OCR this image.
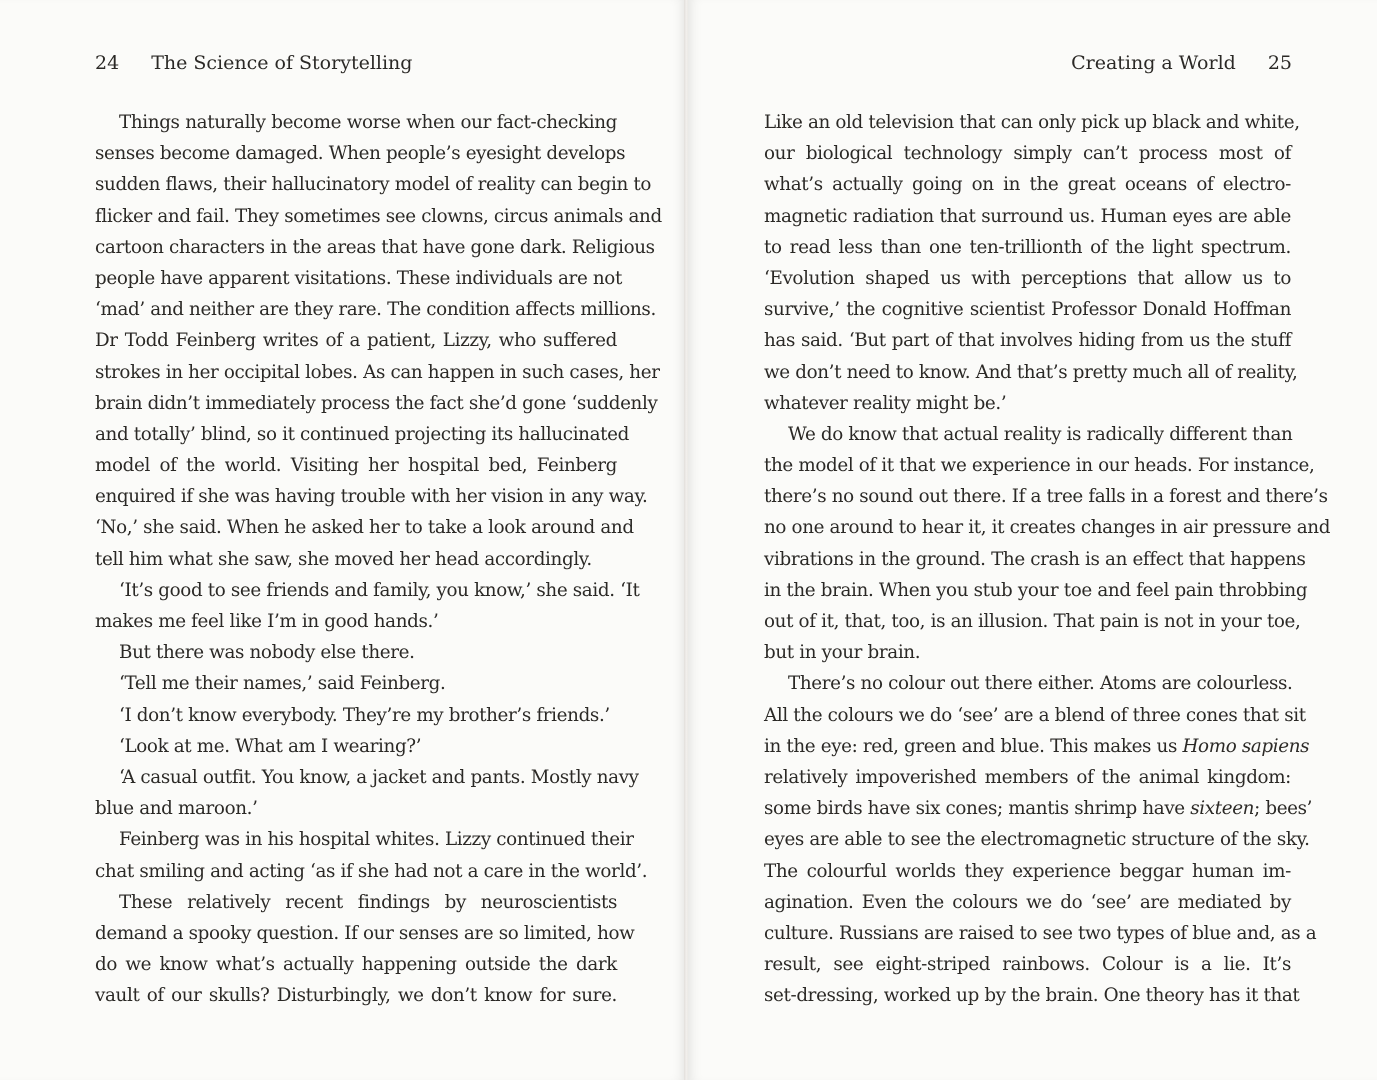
24 The Science of Storytelling
Things naturally become worse when our fact-checking
senses become damaged. When people’s eyesight develops
sudden flaws, their hallucinatory model of reality can begin to
flicker and fail. They sometimes see clowns, circus animals and
cartoon characters in the areas that have gone dark. Religious
people have apparent visitations. These individuals are not
‘mad’ and neither are they rare. The condition affects millions.
Dr Todd Feinberg writes of a patient, Lizzy, who suffered
strokes in her occipital lobes. As can happen in such cases, her
brain didn’t immediately process the fact she’d gone ‘suddenly
and totally’ blind, so it continued projecting its hallucinated
model of the world. Visiting her hospital bed, Feinberg
enquired if she was having trouble with her vision in any way.
‘No,’ she said. When he asked her to take a look around and
tell him what she saw, she moved her head accordingly.
‘It’s good to see friends and family, you know,’ she said. ‘It
makes me feel like I’m in good hands.’
But there was nobody else there.
‘Tell me their names,’ said Feinberg.
‘I don’t know everybody. They’re my brother’s friends.’
‘Look at me. What am I wearing?’
‘A casual outfit. You know, a jacket and pants. Mostly navy
blue and maroon.’
Feinberg was in his hospital whites. Lizzy continued their
chat smiling and acting ‘as if she had not a care in the world’.
These relatively recent findings by neuroscientists
demand a spooky question. If our senses are so limited, how
do we know what’s actually happening outside the dark
vault of our skulls? Disturbingly, we don’t know for sure.
Creating a World 25
Like an old television that can only pick up black and white,
our biological technology simply can’t process most of
what’s actually going on in the great oceans of electro-
magnetic radiation that surround us. Human eyes are able
to read less than one ten-trillionth of the light spectrum.
‘Evolution shaped us with perceptions that allow us to
survive,’ the cognitive scientist Professor Donald Hoffman
has said. ‘But part of that involves hiding from us the stuff
we don’t need to know. And that’s pretty much all of reality,
whatever reality might be.’
We do know that actual reality is radically different than
the model of it that we experience in our heads. For instance,
there’s no sound out there. If a tree falls in a forest and there’s
no one around to hear it, it creates changes in air pressure and
vibrations in the ground. The crash is an effect that happens
in the brain. When you stub your toe and feel pain throbbing
out of it, that, too, is an illusion. That pain is not in your toe,
but in your brain.
There’s no colour out there either. Atoms are colourless.
All the colours we do ‘see’ are a blend of three cones that sit
in the eye: red, green and blue. This makes us Homo sapiens
relatively impoverished members of the animal kingdom:
some birds have six cones; mantis shrimp have sixteen; bees’
eyes are able to see the electromagnetic structure of the sky.
The colourful worlds they experience beggar human im-
agination. Even the colours we do ‘see’ are mediated by
culture. Russians are raised to see two types of blue and, as a
result, see eight-striped rainbows. Colour is a lie. It’s
set-dressing, worked up by the brain. One theory has it that
